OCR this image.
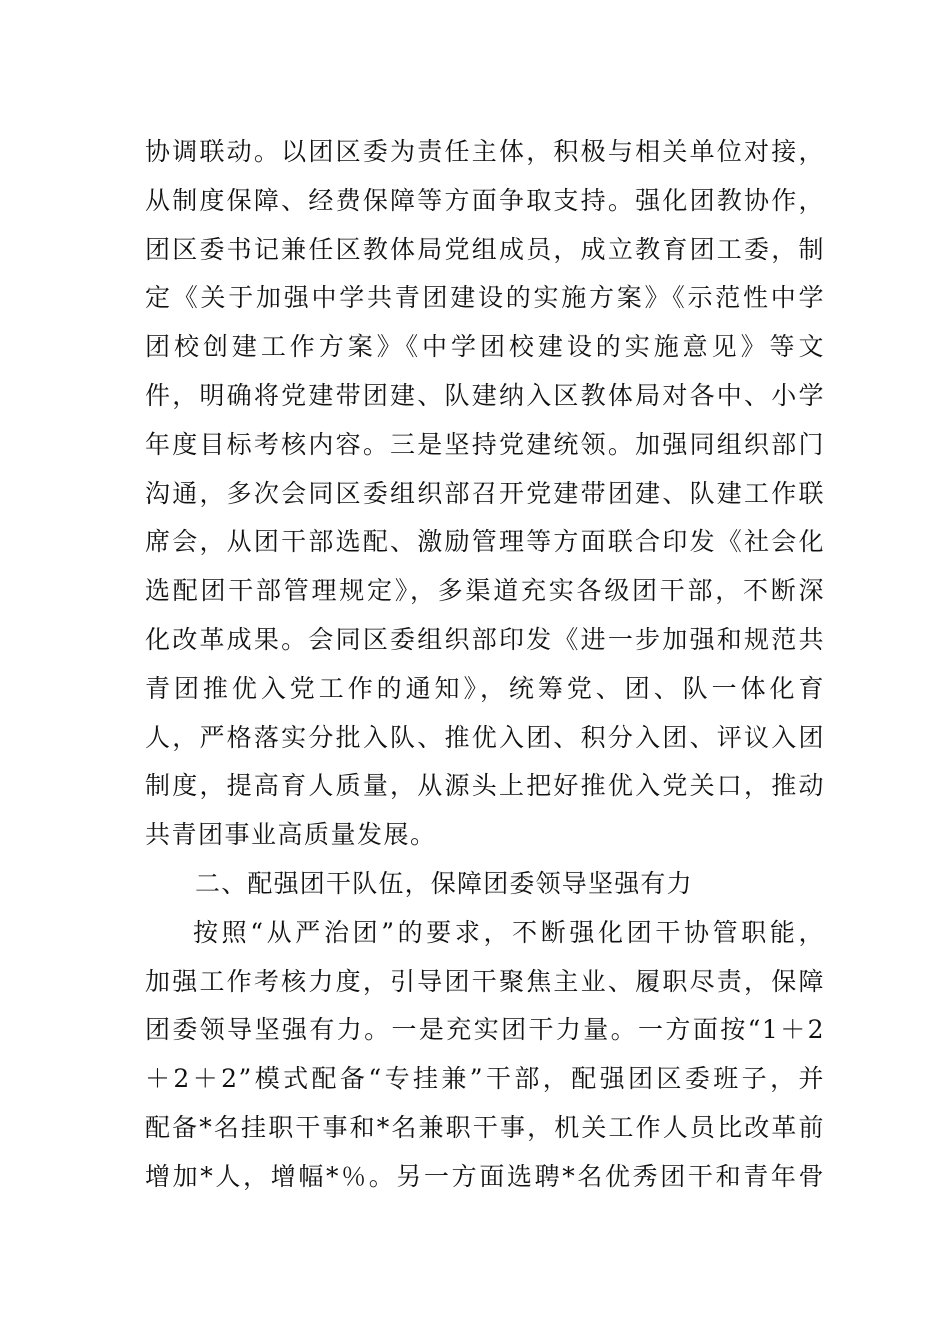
协调联动。以团区委为责任主体，积极与相关单位对接，
从制度保障、经费保障等方面争取支持。强化团教协作，
团区委书记兼任区教体局党组成员，成立教育团工委，制
定《关于加强中学共青团建设的实施方案》《示范性中学
团校创建工作方案》《中学团校建设的实施意见》等文
件，明确将党建带团建、队建纳入区教体局对各中、小学
年度目标考核内容。三是坚持党建统领。加强同组织部门
沟通，多次会同区委组织部召开党建带团建、队建工作联
席会，从团干部选配、激励管理等方面联合印发《社会化
选配团干部管理规定》，多渠道充实各级团干部，不断深
化改革成果。会同区委组织部印发《进一步加强和规范共
青团推优入党工作的通知》，统筹党、团、队一体化育
人，严格落实分批入队、推优入团、积分入团、评议入团
制度，提高育人质量，从源头上把好推优入党关口，推动
共青团事业高质量发展。
二、配强团干队伍，保障团委领导坚强有力
按照“从严治团”的要求，不断强化团干协管职能，
加强工作考核力度，引导团干聚焦主业、履职尽责，保障
团委领导坚强有力。一是充实团干力量。一方面按“1＋2
＋2＋2”模式配备“专挂兼”干部，配强团区委班子，并
配备*名挂职干事和*名兼职干事，机关工作人员比改革前
增加*人，增幅*％。另一方面选聘*名优秀团干和青年骨
